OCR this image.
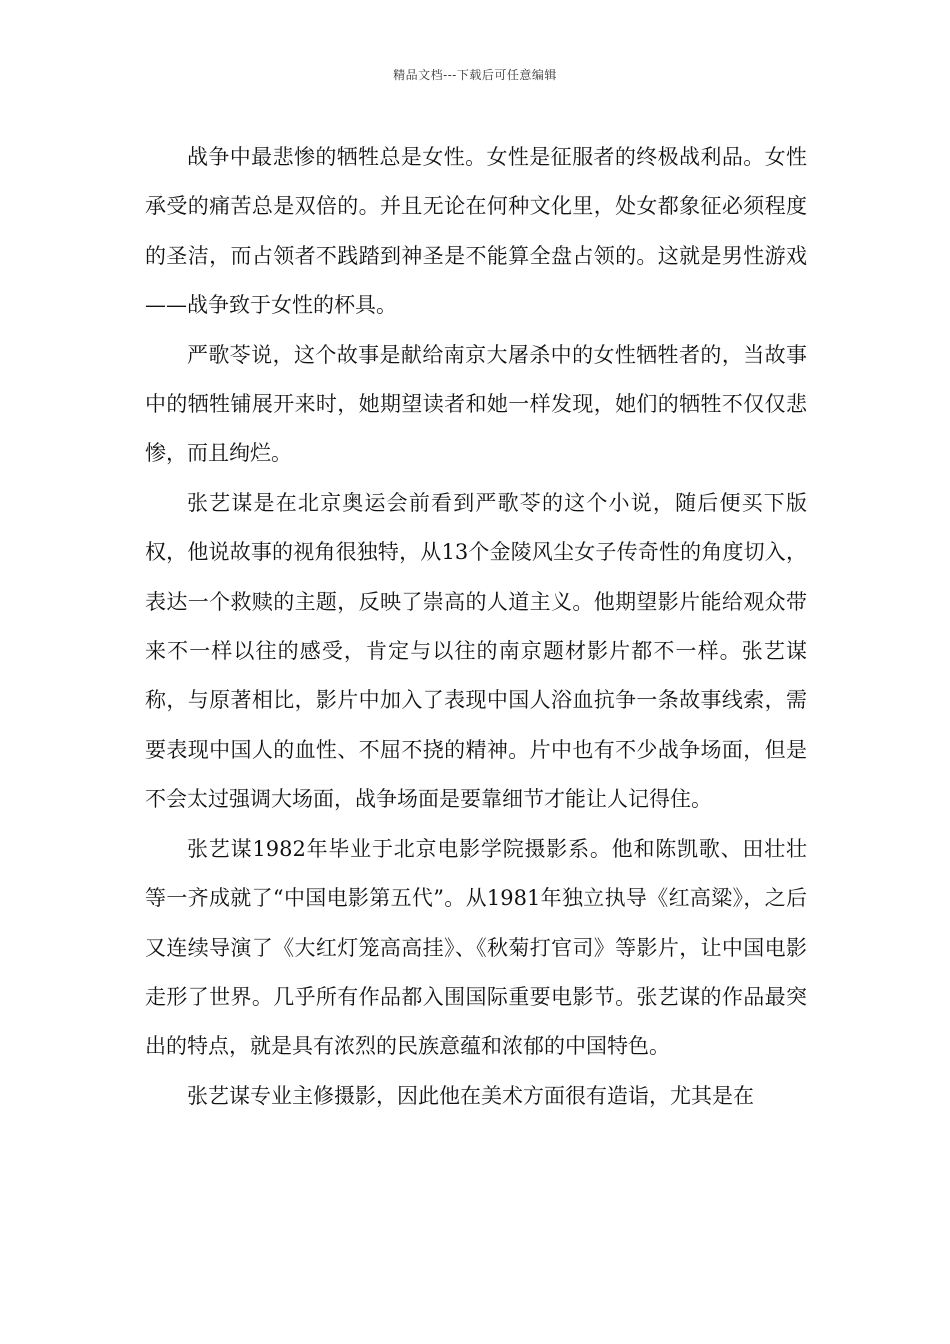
精品文档---下载后可任意编辑

战争中最悲惨的牺牲总是女性。女性是征服者的终极战利品。女性承受的痛苦总是双倍的。并且无论在何种文化里，处女都象征必须程度的圣洁，而占领者不践踏到神圣是不能算全盘占领的。这就是男性游戏——战争致于女性的杯具。

严歌苓说，这个故事是献给南京大屠杀中的女性牺牲者的，当故事中的牺牲铺展开来时，她期望读者和她一样发现，她们的牺牲不仅仅悲惨，而且绚烂。

张艺谋是在北京奥运会前看到严歌苓的这个小说，随后便买下版权，他说故事的视角很独特，从13个金陵风尘女子传奇性的角度切入，表达一个救赎的主题，反映了崇高的人道主义。他期望影片能给观众带来不一样以往的感受，肯定与以往的南京题材影片都不一样。张艺谋称，与原著相比，影片中加入了表现中国人浴血抗争一条故事线索，需要表现中国人的血性、不屈不挠的精神。片中也有不少战争场面，但是不会太过强调大场面，战争场面是要靠细节才能让人记得住。

张艺谋1982年毕业于北京电影学院摄影系。他和陈凯歌、田壮壮等一齐成就了“中国电影第五代”。从1981年独立执导《红高粱》，之后又连续导演了《大红灯笼高高挂》、《秋菊打官司》等影片，让中国电影走形了世界。几乎所有作品都入围国际重要电影节。张艺谋的作品最突出的特点，就是具有浓烈的民族意蕴和浓郁的中国特色。

张艺谋专业主修摄影，因此他在美术方面很有造诣，尤其是在
